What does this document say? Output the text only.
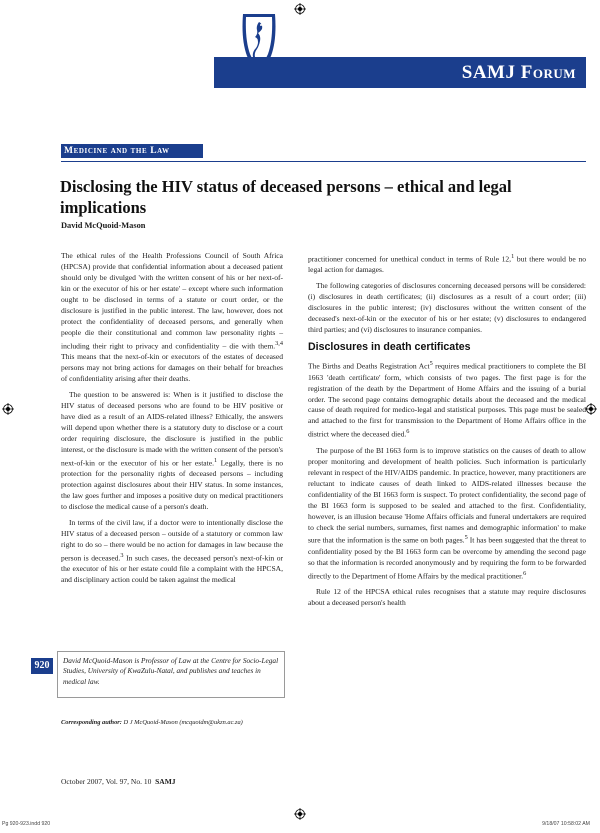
SAMJ Forum
Medicine and the Law
Disclosing the HIV status of deceased persons – ethical and legal implications
David McQuoid-Mason

The ethical rules of the Health Professions Council of South Africa (HPCSA) provide that confidential information about a deceased patient should only be divulged 'with the written consent of his or her next-of-kin or the executor of his or her estate' – except where such information ought to be disclosed in terms of a statute or court order, or the disclosure is justified in the public interest. The law, however, does not protect the confidentiality of deceased persons, and generally when people die their constitutional and common law personality rights – including their right to privacy and confidentiality – die with them.$^{3,4}$ This means that the next-of-kin or executors of the estates of deceased persons may not bring actions for damages on their behalf for breaches of confidentiality arising after their deaths.

The question to be answered is: When is it justified to disclose the HIV status of deceased persons who are found to be HIV positive or have died as a result of an AIDS-related illness? Ethically, the answers will depend upon whether there is a statutory duty to disclose or a court order requiring disclosure, the disclosure is justified in the public interest, or the disclosure is made with the written consent of the person's next-of-kin or the executor of his or her estate.$^1$ Legally, there is no protection for the personality rights of deceased persons – including protection against disclosures about their HIV status. In some instances, the law goes further and imposes a positive duty on medical practitioners to disclose the medical cause of a person's death.

In terms of the civil law, if a doctor were to intentionally disclose the HIV status of a deceased person – outside of a statutory or common law right to do so – there would be no action for damages in law because the person is deceased.$^3$ In such cases, the deceased person's next-of-kin or the executor of his or her estate could file a complaint with the HPCSA, and disciplinary action could be taken against the medical

practitioner concerned for unethical conduct in terms of Rule 12,$^1$ but there would be no legal action for damages.

The following categories of disclosures concerning deceased persons will be considered: (i) disclosures in death certificates; (ii) disclosures as a result of a court order; (iii) disclosures in the public interest; (iv) disclosures without the written consent of the deceased's next-of-kin or the executor of his or her estate; (v) disclosures to endangered third parties; and (vi) disclosures to insurance companies.

Disclosures in death certificates

The Births and Deaths Registration Act$^5$ requires medical practitioners to complete the BI 1663 'death certificate' form, which consists of two pages. The first page is for the registration of the death by the Department of Home Affairs and the issuing of a burial order. The second page contains demographic details about the deceased and the medical cause of death required for medico-legal and statistical purposes. This page must be sealed and attached to the first for transmission to the Department of Home Affairs office in the district where the deceased died.$^6$

The purpose of the BI 1663 form is to improve statistics on the causes of death to allow proper monitoring and development of health policies. Such information is particularly relevant in respect of the HIV/AIDS pandemic. In practice, however, many practitioners are reluctant to indicate causes of death linked to AIDS-related illnesses because the confidentiality of the BI 1663 form is suspect. To protect confidentiality, the second page of the BI 1663 form is supposed to be sealed and attached to the first. Confidentiality, however, is an illusion because 'Home Affairs officials and funeral undertakers are required to check the serial numbers, surnames, first names and demographic information' to make sure that the information is the same on both pages.$^5$ It has been suggested that the threat to confidentiality posed by the BI 1663 form can be overcome by amending the second page so that the information is recorded anonymously and by requiring the form to be forwarded directly to the Department of Home Affairs by the medical practitioner.$^6$

Rule 12 of the HPCSA ethical rules recognises that a statute may require disclosures about a deceased person's health

920	David McQuoid-Mason is Professor of Law at the Centre for Socio-Legal Studies, University of KwaZulu-Natal, and publishes and teaches in medical law.
Corresponding author: D J McQuoid-Mason (mcquoidm@ukzn.ac.za)
October 2007, Vol. 97, No. 10 SAMJ
Pg 920-923.indd 920	9/18/07 10:58:02 AM
